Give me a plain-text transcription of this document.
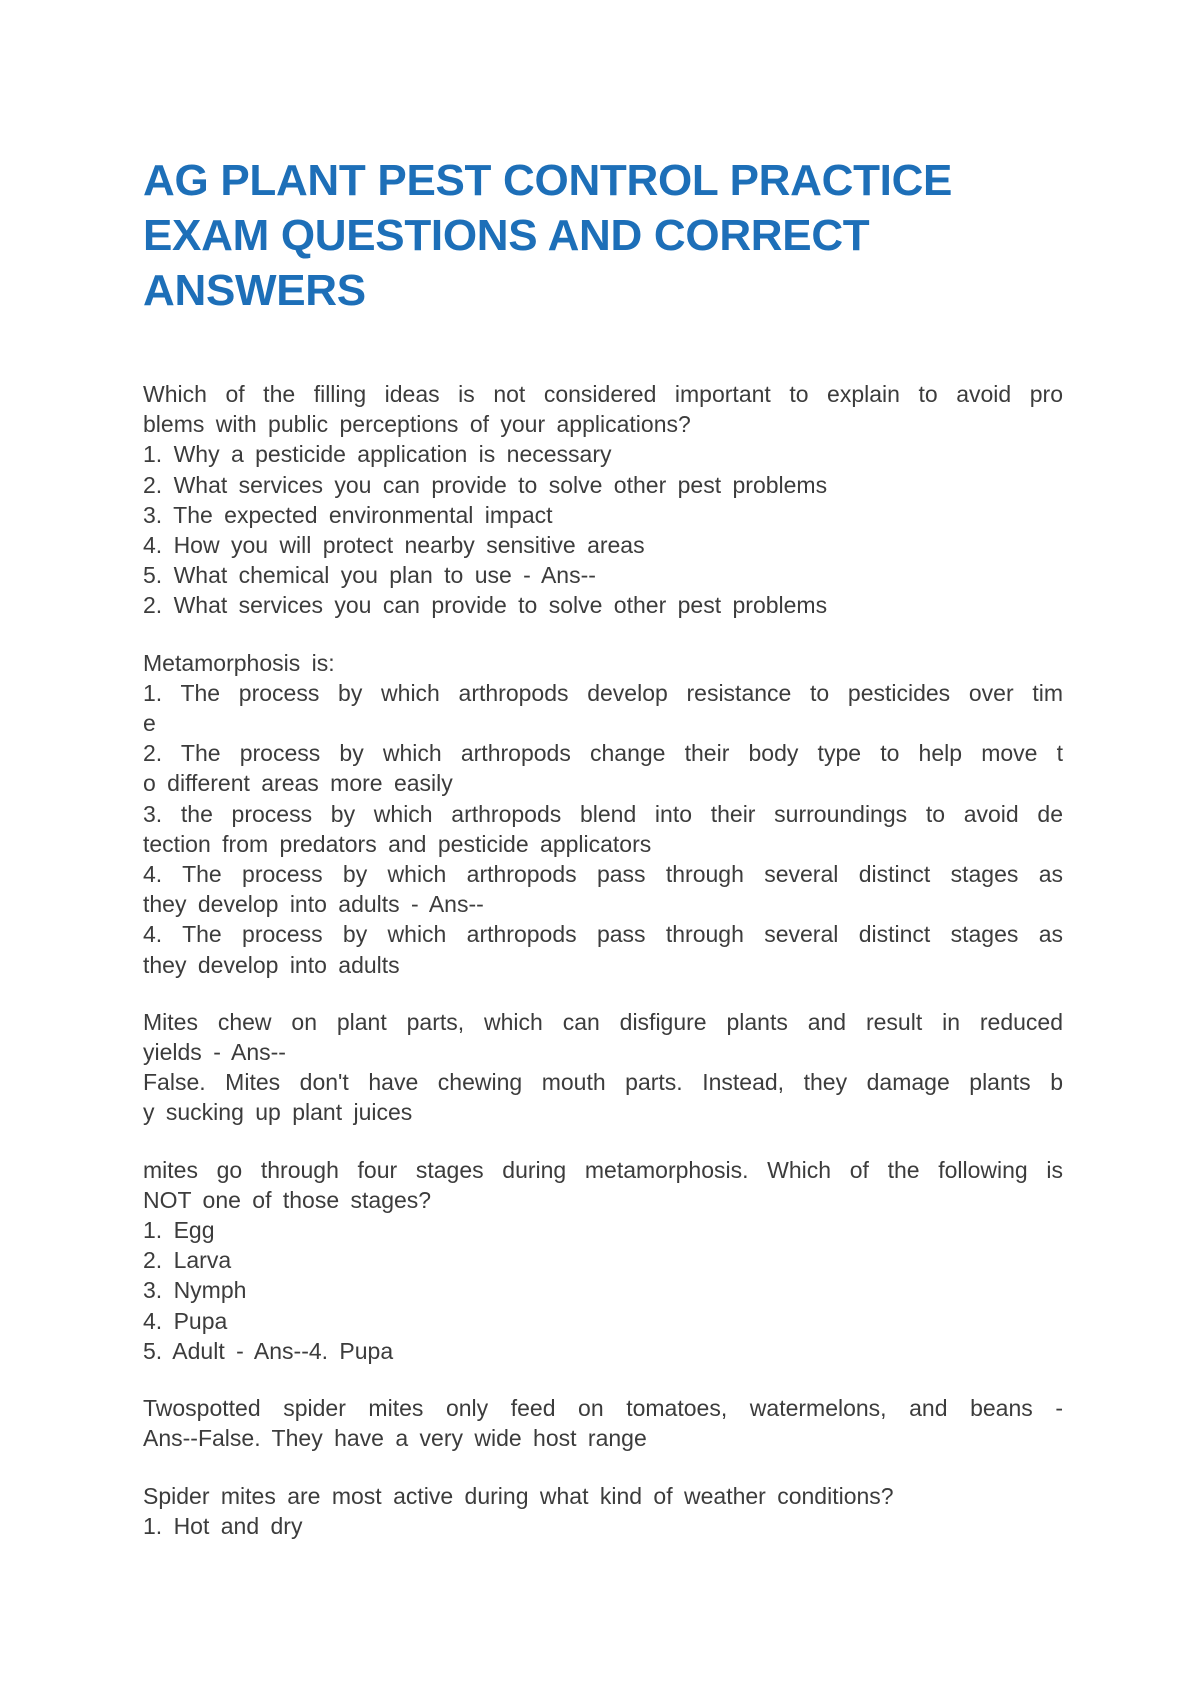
AG PLANT PEST CONTROL PRACTICE
EXAM QUESTIONS AND CORRECT
ANSWERS
Which of the filling ideas is not considered important to explain to avoid pro
blems with public perceptions of your applications?
1. Why a pesticide application is necessary
2. What services you can provide to solve other pest problems
3. The expected environmental impact
4. How you will protect nearby sensitive areas
5. What chemical you plan to use - Ans--
2. What services you can provide to solve other pest problems
Metamorphosis is:
1. The process by which arthropods develop resistance to pesticides over tim
e
2. The process by which arthropods change their body type to help move t
o different areas more easily
3. the process by which arthropods blend into their surroundings to avoid de
tection from predators and pesticide applicators
4. The process by which arthropods pass through several distinct stages as
they develop into adults - Ans--
4. The process by which arthropods pass through several distinct stages as
they develop into adults
Mites chew on plant parts, which can disfigure plants and result in reduced
yields - Ans--
False. Mites don't have chewing mouth parts. Instead, they damage plants b
y sucking up plant juices
mites go through four stages during metamorphosis. Which of the following is
NOT one of those stages?
1. Egg
2. Larva
3. Nymph
4. Pupa
5. Adult - Ans--4. Pupa
Twospotted spider mites only feed on tomatoes, watermelons, and beans -
Ans--False. They have a very wide host range
Spider mites are most active during what kind of weather conditions?
1. Hot and dry
